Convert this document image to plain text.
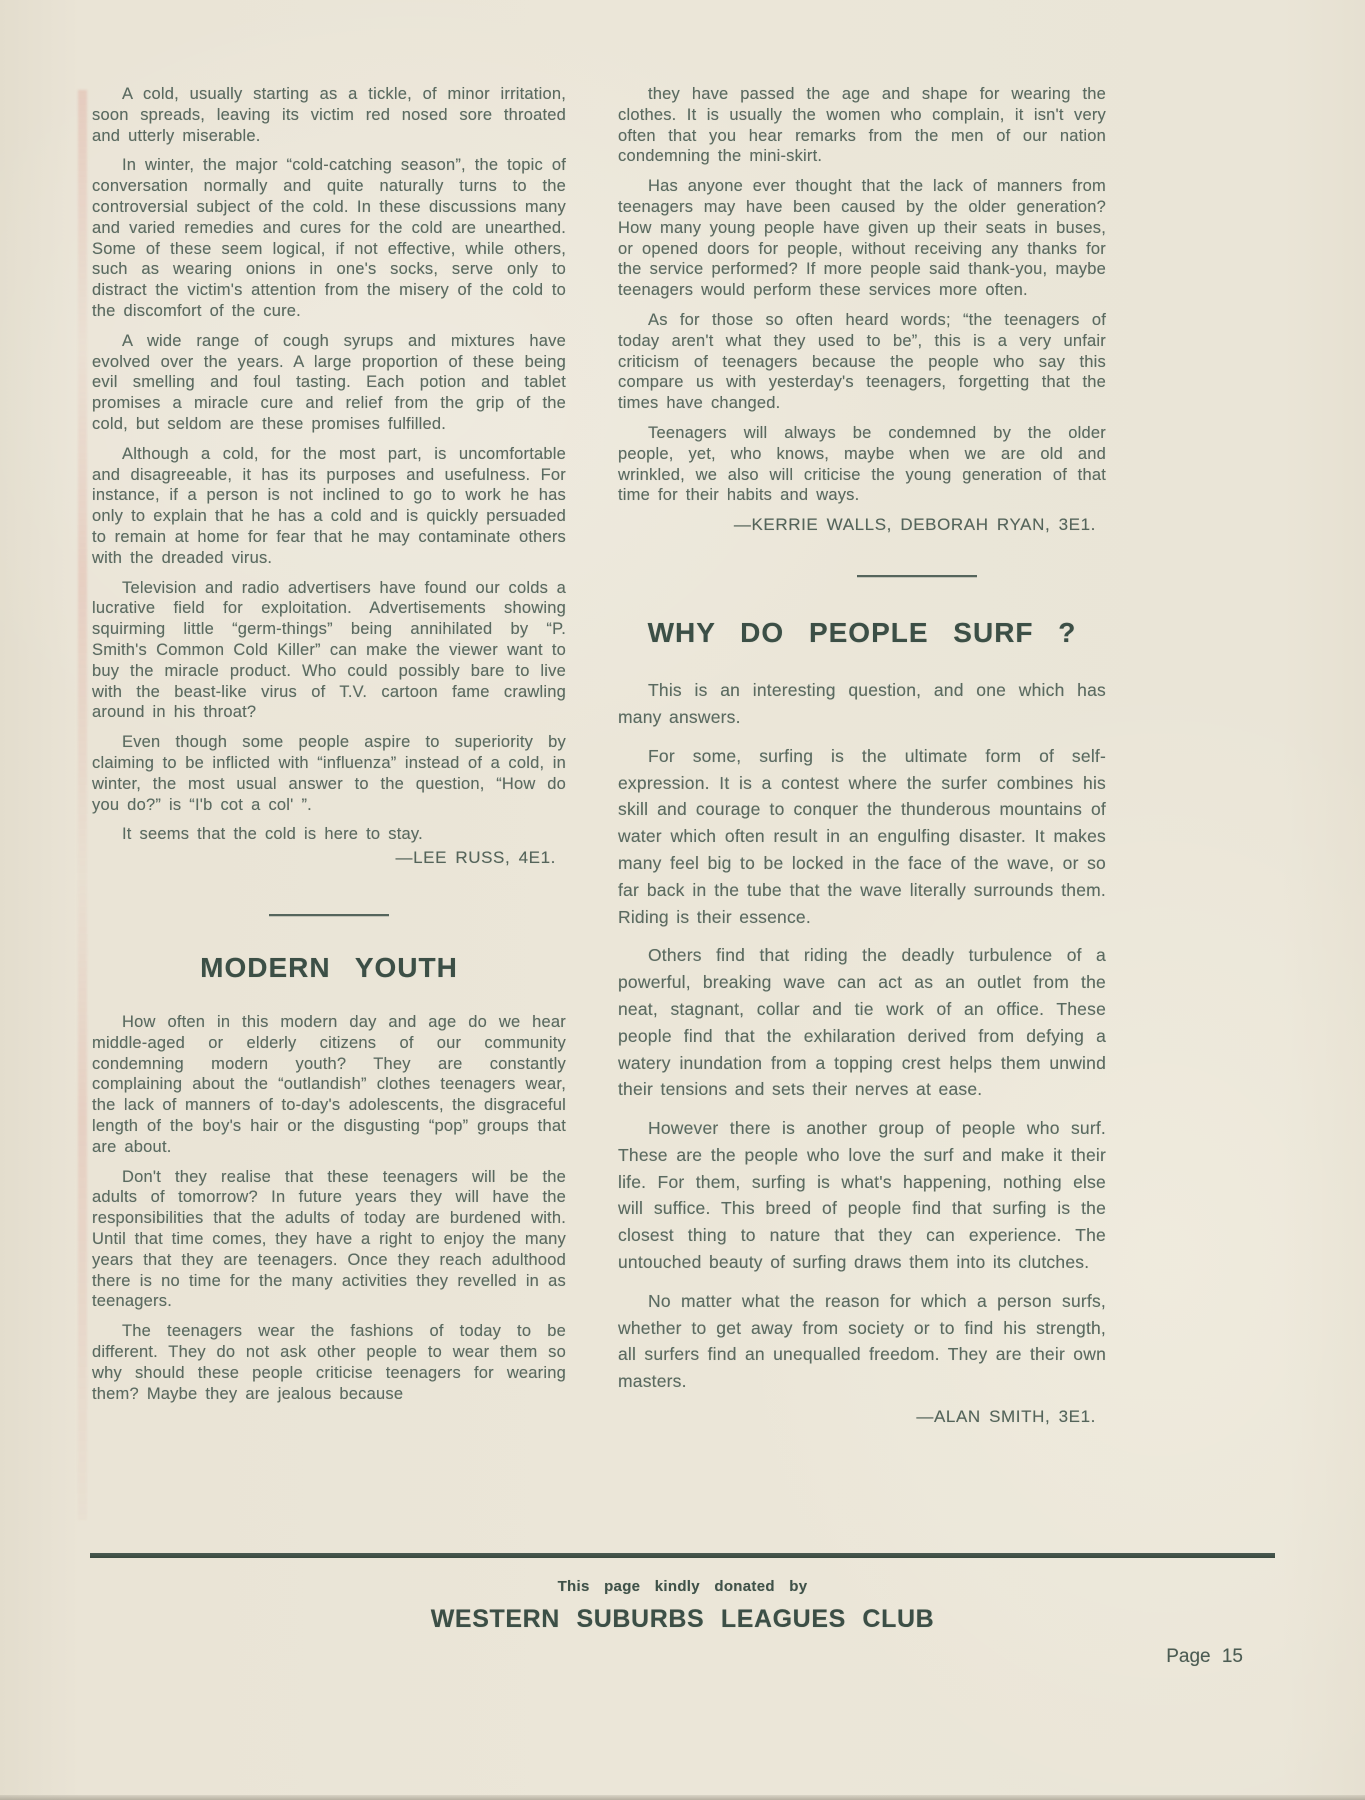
A cold, usually starting as a tickle, of minor irritation, soon spreads, leaving its victim red nosed sore throated and utterly miserable.

In winter, the major “cold-catching season”, the topic of conversation normally and quite naturally turns to the controversial subject of the cold. In these discussions many and varied remedies and cures for the cold are unearthed. Some of these seem logical, if not effective, while others, such as wearing onions in one's socks, serve only to distract the victim's attention from the misery of the cold to the discomfort of the cure.

A wide range of cough syrups and mixtures have evolved over the years. A large proportion of these being evil smelling and foul tasting. Each potion and tablet promises a miracle cure and relief from the grip of the cold, but seldom are these promises fulfilled.

Although a cold, for the most part, is uncomfortable and disagreeable, it has its purposes and usefulness. For instance, if a person is not inclined to go to work he has only to explain that he has a cold and is quickly persuaded to remain at home for fear that he may contaminate others with the dreaded virus.

Television and radio advertisers have found our colds a lucrative field for exploitation. Advertisements showing squirming little “germ-things” being annihilated by “P. Smith's Common Cold Killer” can make the viewer want to buy the miracle product. Who could possibly bare to live with the beast-like virus of T.V. cartoon fame crawling around in his throat?

Even though some people aspire to superiority by claiming to be inflicted with “influenza” instead of a cold, in winter, the most usual answer to the question, “How do you do?” is “I'b cot a col' ”.

It seems that the cold is here to stay.

—LEE RUSS, 4E1.

MODERN YOUTH

How often in this modern day and age do we hear middle-aged or elderly citizens of our community condemning modern youth? They are constantly complaining about the “outlandish” clothes teenagers wear, the lack of manners of to-day's adolescents, the disgraceful length of the boy's hair or the disgusting “pop” groups that are about.

Don't they realise that these teenagers will be the adults of tomorrow? In future years they will have the responsibilities that the adults of today are burdened with. Until that time comes, they have a right to enjoy the many years that they are teenagers. Once they reach adulthood there is no time for the many activities they revelled in as teenagers.

The teenagers wear the fashions of today to be different. They do not ask other people to wear them so why should these people criticise teenagers for wearing them? Maybe they are jealous because

they have passed the age and shape for wearing the clothes. It is usually the women who complain, it isn't very often that you hear remarks from the men of our nation condemning the mini-skirt.

Has anyone ever thought that the lack of manners from teenagers may have been caused by the older generation? How many young people have given up their seats in buses, or opened doors for people, without receiving any thanks for the service performed? If more people said thank-you, maybe teenagers would perform these services more often.

As for those so often heard words; “the teenagers of today aren't what they used to be”, this is a very unfair criticism of teenagers because the people who say this compare us with yesterday's teenagers, forgetting that the times have changed.

Teenagers will always be condemned by the older people, yet, who knows, maybe when we are old and wrinkled, we also will criticise the young generation of that time for their habits and ways.

—KERRIE WALLS, DEBORAH RYAN, 3E1.

WHY DO PEOPLE SURF ?

This is an interesting question, and one which has many answers.

For some, surfing is the ultimate form of self-expression. It is a contest where the surfer combines his skill and courage to conquer the thunderous mountains of water which often result in an engulfing disaster. It makes many feel big to be locked in the face of the wave, or so far back in the tube that the wave literally surrounds them. Riding is their essence.

Others find that riding the deadly turbulence of a powerful, breaking wave can act as an outlet from the neat, stagnant, collar and tie work of an office. These people find that the exhilaration derived from defying a watery inundation from a topping crest helps them unwind their tensions and sets their nerves at ease.

However there is another group of people who surf. These are the people who love the surf and make it their life. For them, surfing is what's happening, nothing else will suffice. This breed of people find that surfing is the closest thing to nature that they can experience. The untouched beauty of surfing draws them into its clutches.

No matter what the reason for which a person surfs, whether to get away from society or to find his strength, all surfers find an unequalled freedom. They are their own masters.

—ALAN SMITH, 3E1.

This page kindly donated by
WESTERN SUBURBS LEAGUES CLUB
Page 15
